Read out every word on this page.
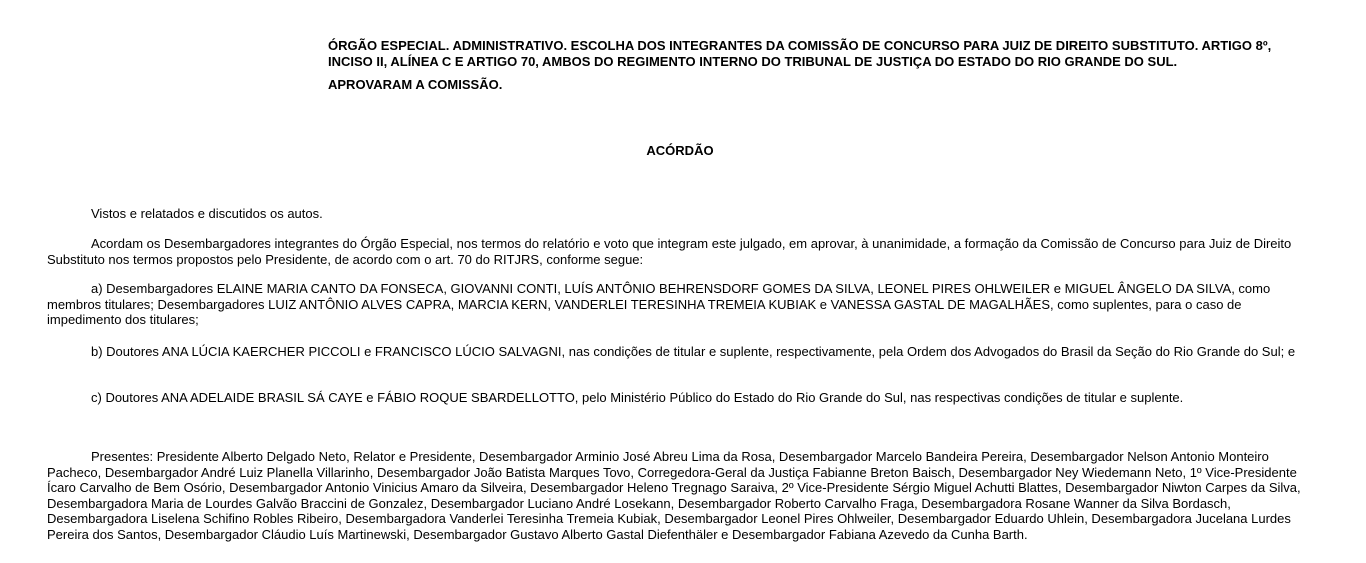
ÓRGÃO ESPECIAL. ADMINISTRATIVO. ESCOLHA DOS INTEGRANTES DA COMISSÃO DE CONCURSO PARA JUIZ DE DIREITO SUBSTITUTO. ARTIGO 8º, INCISO II, ALÍNEA C E ARTIGO 70, AMBOS DO REGIMENTO INTERNO DO TRIBUNAL DE JUSTIÇA DO ESTADO DO RIO GRANDE DO SUL.

APROVARAM A COMISSÃO.

ACÓRDÃO

Vistos e relatados e discutidos os autos.

Acordam os Desembargadores integrantes do Órgão Especial, nos termos do relatório e voto que integram este julgado, em aprovar, à unanimidade, a formação da Comissão de Concurso para Juiz de Direito Substituto nos termos propostos pelo Presidente, de acordo com o art. 70 do RITJRS, conforme segue:

a) Desembargadores ELAINE MARIA CANTO DA FONSECA, GIOVANNI CONTI, LUÍS ANTÔNIO BEHRENSDORF GOMES DA SILVA, LEONEL PIRES OHLWEILER e MIGUEL ÂNGELO DA SILVA, como membros titulares; Desembargadores LUIZ ANTÔNIO ALVES CAPRA, MARCIA KERN, VANDERLEI TERESINHA TREMEIA KUBIAK e VANESSA GASTAL DE MAGALHÃES, como suplentes, para o caso de impedimento dos titulares;

b) Doutores ANA LÚCIA KAERCHER PICCOLI e FRANCISCO LÚCIO SALVAGNI, nas condições de titular e suplente, respectivamente, pela Ordem dos Advogados do Brasil da Seção do Rio Grande do Sul; e

c) Doutores ANA ADELAIDE BRASIL SÁ CAYE e FÁBIO ROQUE SBARDELLOTTO, pelo Ministério Público do Estado do Rio Grande do Sul, nas respectivas condições de titular e suplente.

Presentes: Presidente Alberto Delgado Neto, Relator e Presidente, Desembargador Arminio José Abreu Lima da Rosa, Desembargador Marcelo Bandeira Pereira, Desembargador Nelson Antonio Monteiro Pacheco, Desembargador André Luiz Planella Villarinho, Desembargador João Batista Marques Tovo, Corregedora-Geral da Justiça Fabianne Breton Baisch, Desembargador Ney Wiedemann Neto, 1º Vice-Presidente Ícaro Carvalho de Bem Osório, Desembargador Antonio Vinicius Amaro da Silveira, Desembargador Heleno Tregnago Saraiva, 2º Vice-Presidente Sérgio Miguel Achutti Blattes, Desembargador Niwton Carpes da Silva, Desembargadora Maria de Lourdes Galvão Braccini de Gonzalez, Desembargador Luciano André Losekann, Desembargador Roberto Carvalho Fraga, Desembargadora Rosane Wanner da Silva Bordasch, Desembargadora Liselena Schifino Robles Ribeiro, Desembargadora Vanderlei Teresinha Tremeia Kubiak, Desembargador Leonel Pires Ohlweiler, Desembargador Eduardo Uhlein, Desembargadora Jucelana Lurdes Pereira dos Santos, Desembargador Cláudio Luís Martinewski, Desembargador Gustavo Alberto Gastal Diefenthäler e Desembargador Fabiana Azevedo da Cunha Barth.
